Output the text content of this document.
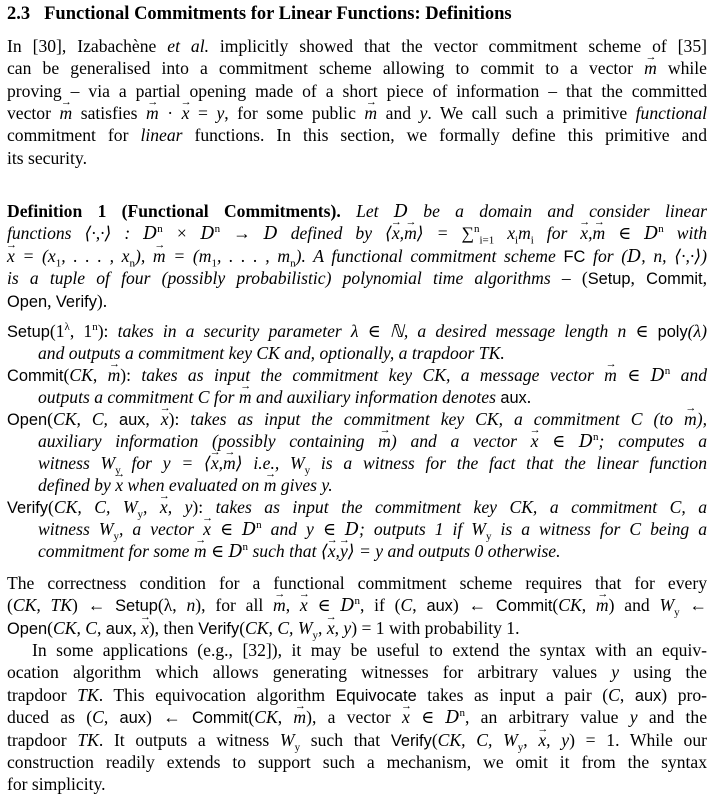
2.3 Functional Commitments for Linear Functions: Definitions
In [30], Izabachène et al. implicitly showed that the vector commitment scheme of [35]
can be generalised into a commitment scheme allowing to commit to a vector m → while
proving – via a partial opening made of a short piece of information – that the committed
vector m → satisfies m → · x → = y, for some public m → and y. We call such a primitive functional
commitment for linear functions. In this section, we formally define this primitive and
its security.
Definition 1 (Functional Commitments). Let D be a domain and consider linear
functions ⟨·,·⟩ : $D^n \times D^n \to D$ defined by ⟨x →,m →⟩ = ∑$^n_{i=1}$ $x_im_i$ for x →,m → ∈ $D^n$ with
x → = ($x_1$, . . . , $x_n$), m → = ($m_1$, . . . , $m_n$). A functional commitment scheme FC for (D, n, ⟨·,·⟩)
is a tuple of four (possibly probabilistic) polynomial time algorithms – (Setup, Commit,
Open, Verify).
$Setup(1^\lambda$, 1$^n$): takes in a security parameter λ ∈ ℕ, a desired message length n ∈ poly(λ)
and outputs a commitment key CK and, optionally, a trapdoor TK.
Commit(CK, m →): takes as input the commitment key CK, a message vector m → ∈ $D^n$ and
outputs a commitment C for m → and auxiliary information denotes aux.
Open(CK, C, aux, x →): takes as input the commitment key CK, a commitment C (to m →),
auxiliary information (possibly containing m →) and a vector x → ∈ $D^n$; computes a
witness $W_y$ for y = ⟨x →,m →⟩ i.e., $W_y$ is a witness for the fact that the linear function
defined by x → when evaluated on m → gives y.
Verify(CK, C, $W_y$, x →, y): takes as input the commitment key CK, a commitment C, a
witness $W_y$, a vector x → ∈ $D^n$ and y ∈ D; outputs 1 if $W_y$ is a witness for C being a
commitment for some m → ∈ $D^n$ such that ⟨x →,y →⟩ = y and outputs 0 otherwise.
The correctness condition for a functional commitment scheme requires that for every
(CK, TK) ← Setup(λ, n), for all m →, x → ∈ $D^n$, if (C, aux) ← Commit(CK, m →) and $W_y$ ←
Open(CK, C, aux, x →), then Verify(CK, C, $W_y$, x →, y) = 1 with probability 1.
In some applications (e.g., [32]), it may be useful to extend the syntax with an equiv-
ocation algorithm which allows generating witnesses for arbitrary values y using the
trapdoor TK. This equivocation algorithm Equivocate takes as input a pair (C, aux) pro-
duced as (C, aux) ← Commit(CK, m →), a vector x → ∈ $D^n$, an arbitrary value y and the
trapdoor TK. It outputs a witness $W_y$ such that Verify(CK, C, $W_y$, x →, y) = 1. While our
construction readily extends to support such a mechanism, we omit it from the syntax
for simplicity.
